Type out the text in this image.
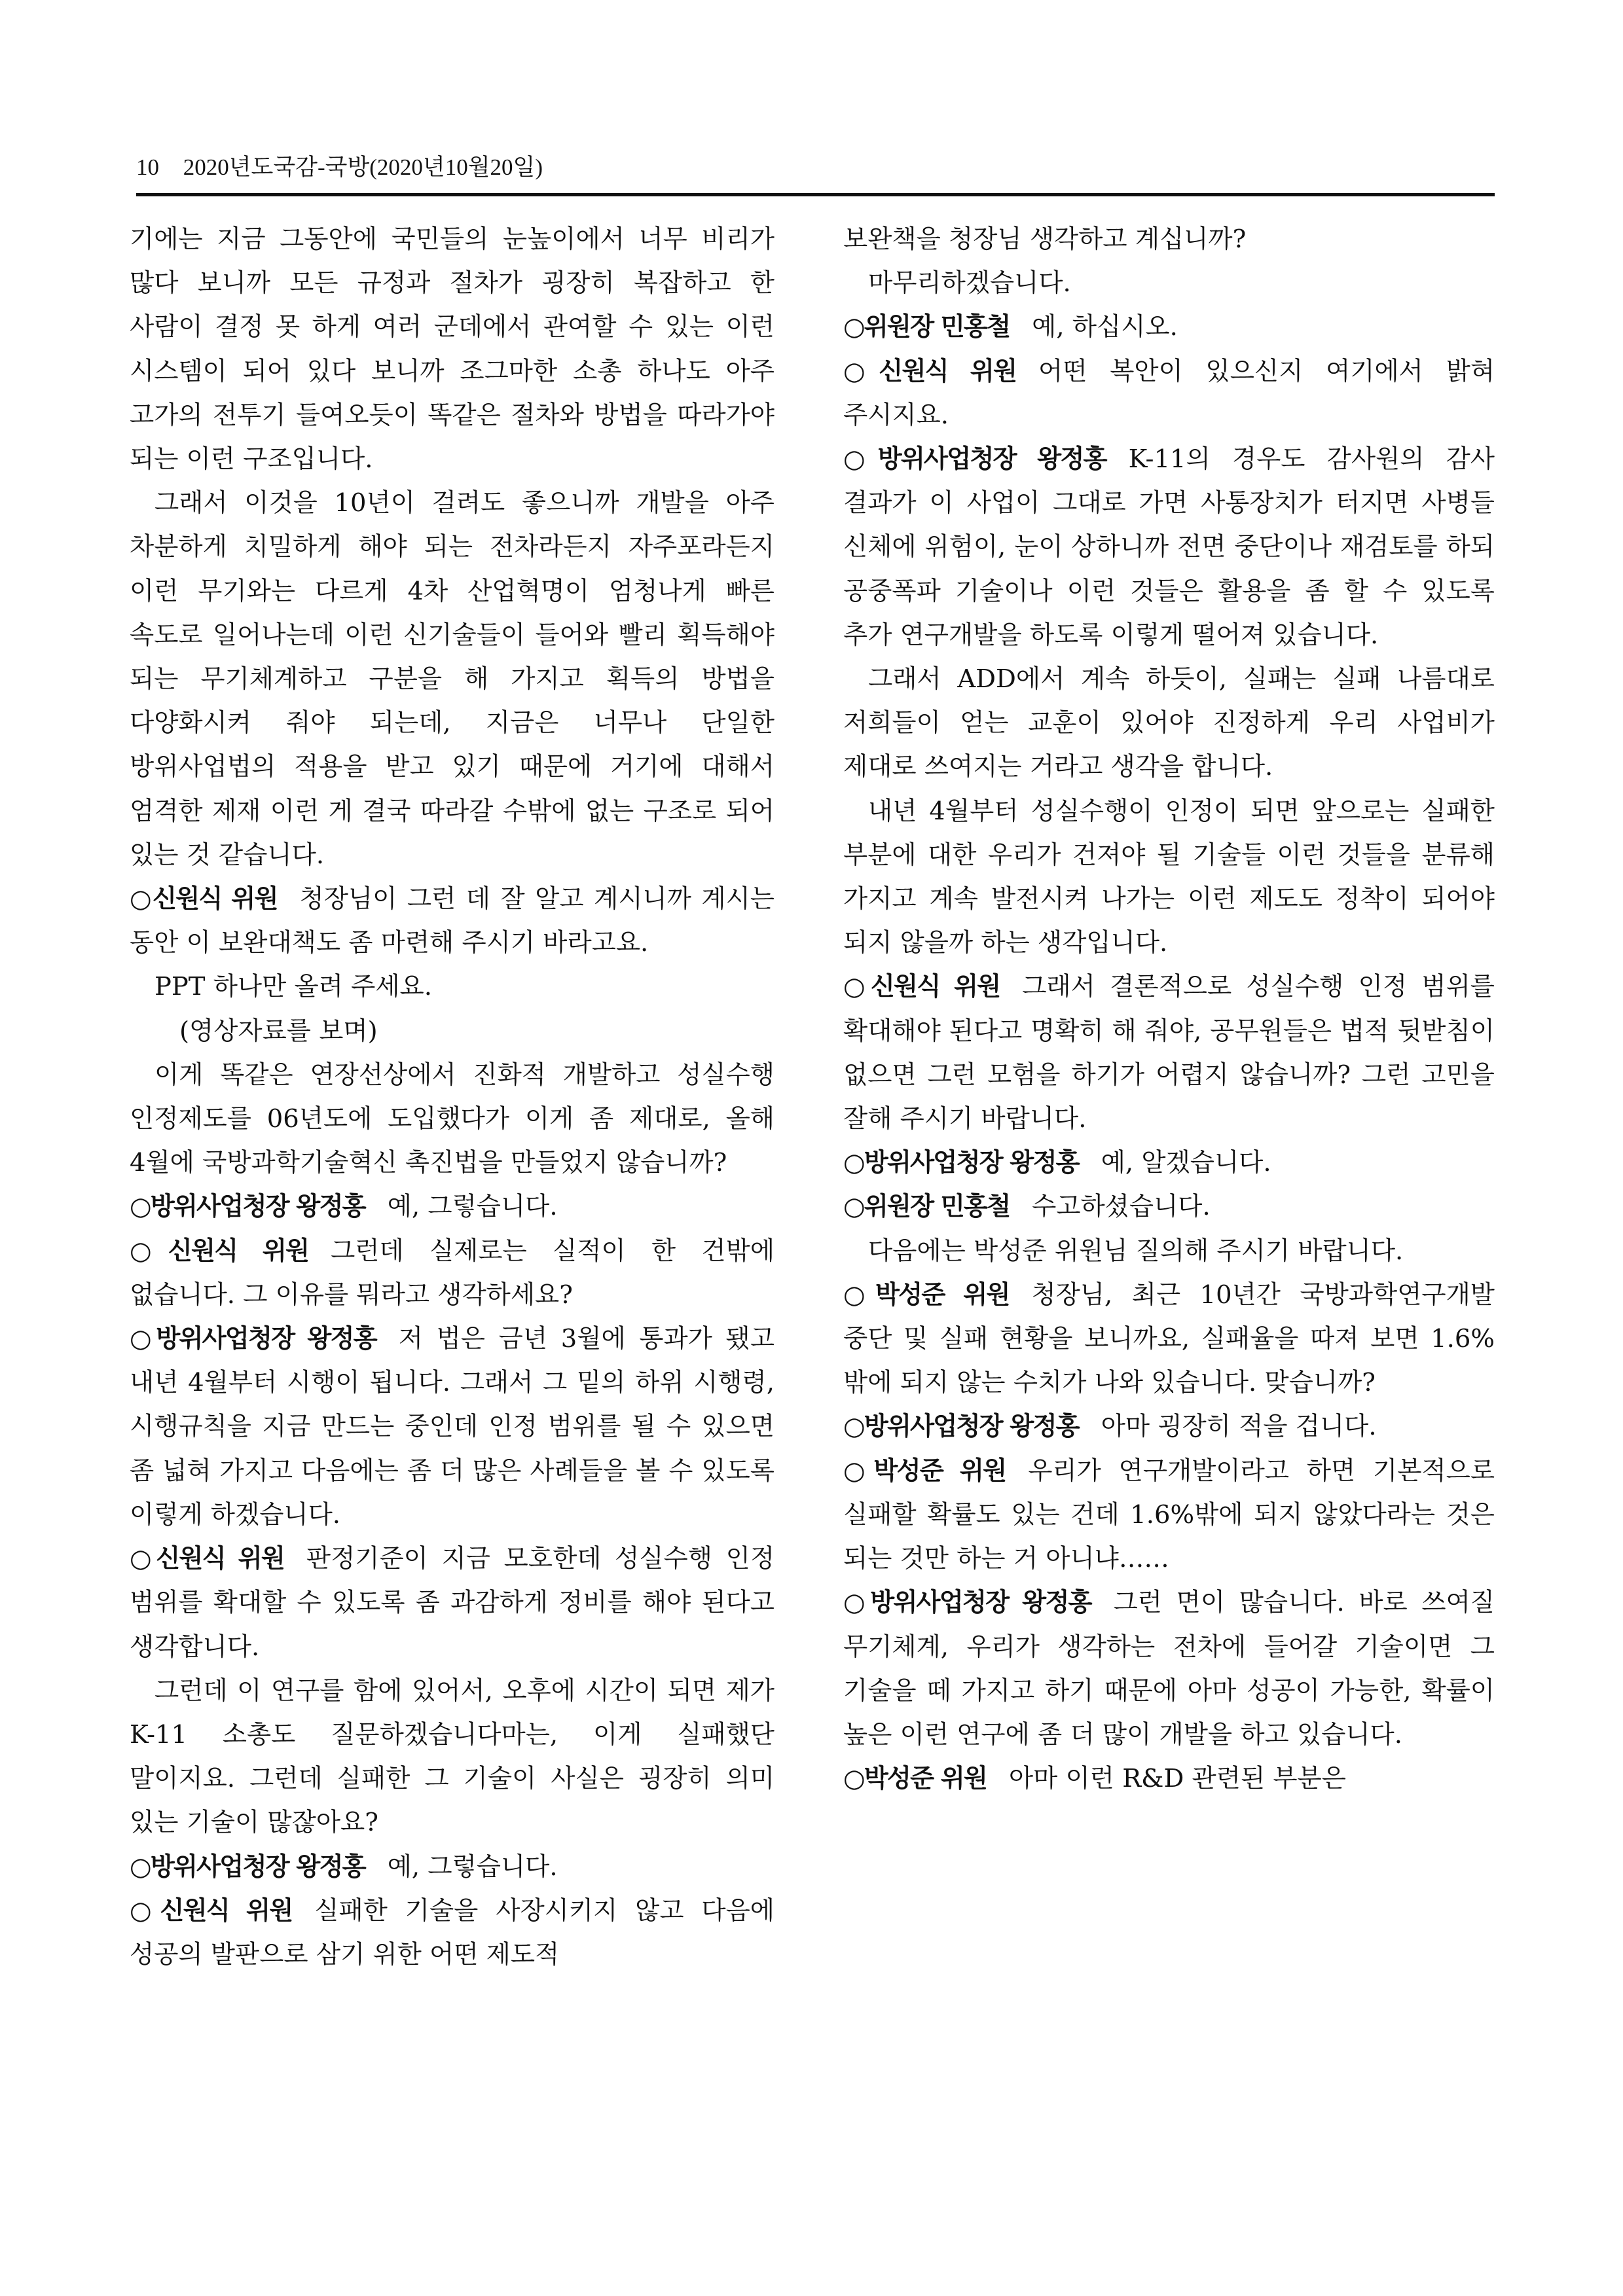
10 2020년도국감-국방(2020년10월20일)

기에는 지금 그동안에 국민들의 눈높이에서 너무 비리가 많다 보니까 모든 규정과 절차가 굉장히 복잡하고 한 사람이 결정 못 하게 여러 군데에서 관여할 수 있는 이런 시스템이 되어 있다 보니까 조그마한 소총 하나도 아주 고가의 전투기 들여오듯이 똑같은 절차와 방법을 따라가야 되는 이런 구조입니다.

그래서 이것을 10년이 걸려도 좋으니까 개발을 아주 차분하게 치밀하게 해야 되는 전차라든지 자주포라든지 이런 무기와는 다르게 4차 산업혁명이 엄청나게 빠른 속도로 일어나는데 이런 신기술들이 들어와 빨리 획득해야 되는 무기체계하고 구분을 해 가지고 획득의 방법을 다양화시켜 줘야 되는데, 지금은 너무나 단일한 방위사업법의 적용을 받고 있기 때문에 거기에 대해서 엄격한 제재 이런 게 결국 따라갈 수밖에 없는 구조로 되어 있는 것 같습니다.

○신원식 위원 청장님이 그런 데 잘 알고 계시니까 계시는 동안 이 보완대책도 좀 마련해 주시기 바라고요.

PPT 하나만 올려 주세요.

(영상자료를 보며)

이게 똑같은 연장선상에서 진화적 개발하고 성실수행 인정제도를 06년도에 도입했다가 이게 좀 제대로, 올해 4월에 국방과학기술혁신 촉진법을 만들었지 않습니까?

○방위사업청장 왕정홍 예, 그렇습니다.

○신원식 위원 그런데 실제로는 실적이 한 건밖에 없습니다. 그 이유를 뭐라고 생각하세요?

○방위사업청장 왕정홍 저 법은 금년 3월에 통과가 됐고 내년 4월부터 시행이 됩니다. 그래서 그 밑의 하위 시행령, 시행규칙을 지금 만드는 중인데 인정 범위를 될 수 있으면 좀 넓혀 가지고 다음에는 좀 더 많은 사례들을 볼 수 있도록 이렇게 하겠습니다.

○신원식 위원 판정기준이 지금 모호한데 성실수행 인정 범위를 확대할 수 있도록 좀 과감하게 정비를 해야 된다고 생각합니다.

그런데 이 연구를 함에 있어서, 오후에 시간이 되면 제가 K-11 소총도 질문하겠습니다마는, 이게 실패했단 말이지요. 그런데 실패한 그 기술이 사실은 굉장히 의미 있는 기술이 많잖아요?

○방위사업청장 왕정홍 예, 그렇습니다.

○신원식 위원 실패한 기술을 사장시키지 않고 다음에 성공의 발판으로 삼기 위한 어떤 제도적

보완책을 청장님 생각하고 계십니까?

마무리하겠습니다.

○위원장 민홍철 예, 하십시오.

○신원식 위원 어떤 복안이 있으신지 여기에서 밝혀 주시지요.

○방위사업청장 왕정홍 K-11의 경우도 감사원의 감사 결과가 이 사업이 그대로 가면 사통장치가 터지면 사병들 신체에 위험이, 눈이 상하니까 전면 중단이나 재검토를 하되 공중폭파 기술이나 이런 것들은 활용을 좀 할 수 있도록 추가 연구개발을 하도록 이렇게 떨어져 있습니다.

그래서 ADD에서 계속 하듯이, 실패는 실패 나름대로 저희들이 얻는 교훈이 있어야 진정하게 우리 사업비가 제대로 쓰여지는 거라고 생각을 합니다.

내년 4월부터 성실수행이 인정이 되면 앞으로는 실패한 부분에 대한 우리가 건져야 될 기술들 이런 것들을 분류해 가지고 계속 발전시켜 나가는 이런 제도도 정착이 되어야 되지 않을까 하는 생각입니다.

○신원식 위원 그래서 결론적으로 성실수행 인정 범위를 확대해야 된다고 명확히 해 줘야, 공무원들은 법적 뒷받침이 없으면 그런 모험을 하기가 어렵지 않습니까? 그런 고민을 잘해 주시기 바랍니다.

○방위사업청장 왕정홍 예, 알겠습니다.

○위원장 민홍철 수고하셨습니다.

다음에는 박성준 위원님 질의해 주시기 바랍니다.

○박성준 위원 청장님, 최근 10년간 국방과학연구개발 중단 및 실패 현황을 보니까요, 실패율을 따져 보면 1.6%밖에 되지 않는 수치가 나와 있습니다. 맞습니까?

○방위사업청장 왕정홍 아마 굉장히 적을 겁니다.

○박성준 위원 우리가 연구개발이라고 하면 기본적으로 실패할 확률도 있는 건데 1.6%밖에 되지 않았다라는 것은 되는 것만 하는 거 아니냐……

○방위사업청장 왕정홍 그런 면이 많습니다. 바로 쓰여질 무기체계, 우리가 생각하는 전차에 들어갈 기술이면 그 기술을 떼 가지고 하기 때문에 아마 성공이 가능한, 확률이 높은 이런 연구에 좀 더 많이 개발을 하고 있습니다.

○박성준 위원 아마 이런 R&D 관련된 부분은
